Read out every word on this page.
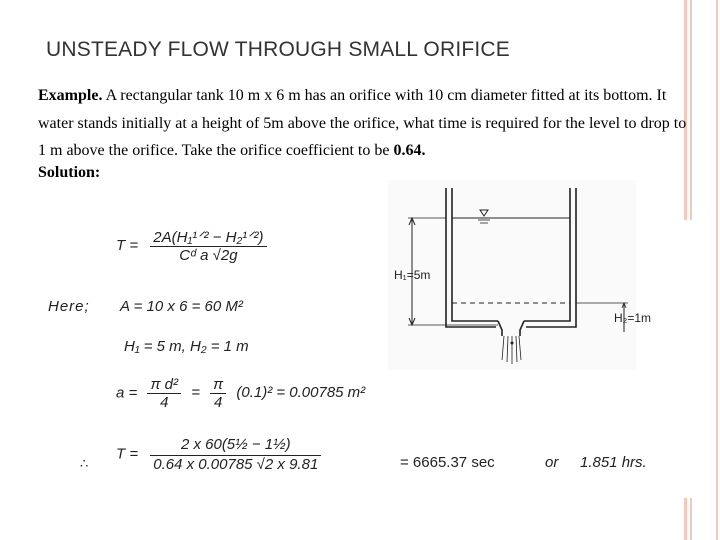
UNSTEADY FLOW THROUGH SMALL ORIFICE
Example. A rectangular tank 10 m x 6 m has an orifice with 10 cm diameter fitted at its bottom. It water stands initially at a height of 5m above the orifice, what time is required for the level to drop to 1 m above the orifice. Take the orifice coefficient to be 0.64.
Solution:
$T = \frac{\text{2A(H₁¹ᐟ² − H₂¹ᐟ²)}}{\text{Cᵈ a √2g}}$
Here; A = 10 x 6 = 60 M²
H₁ = 5 m, H₂ = 1 m
$a = \frac{\text{π d²}}{4} = \frac{\pi}{4} (0.1)^2 = 0.00785$ m²
∴
$T = \frac{\text{2 x 60(5½ − 1½)}}{0.64 x 0.00785 √2 x 9.81}$	= 6665.37 sec	or 1.851 hrs.
H₁=5m
H₂=1m
